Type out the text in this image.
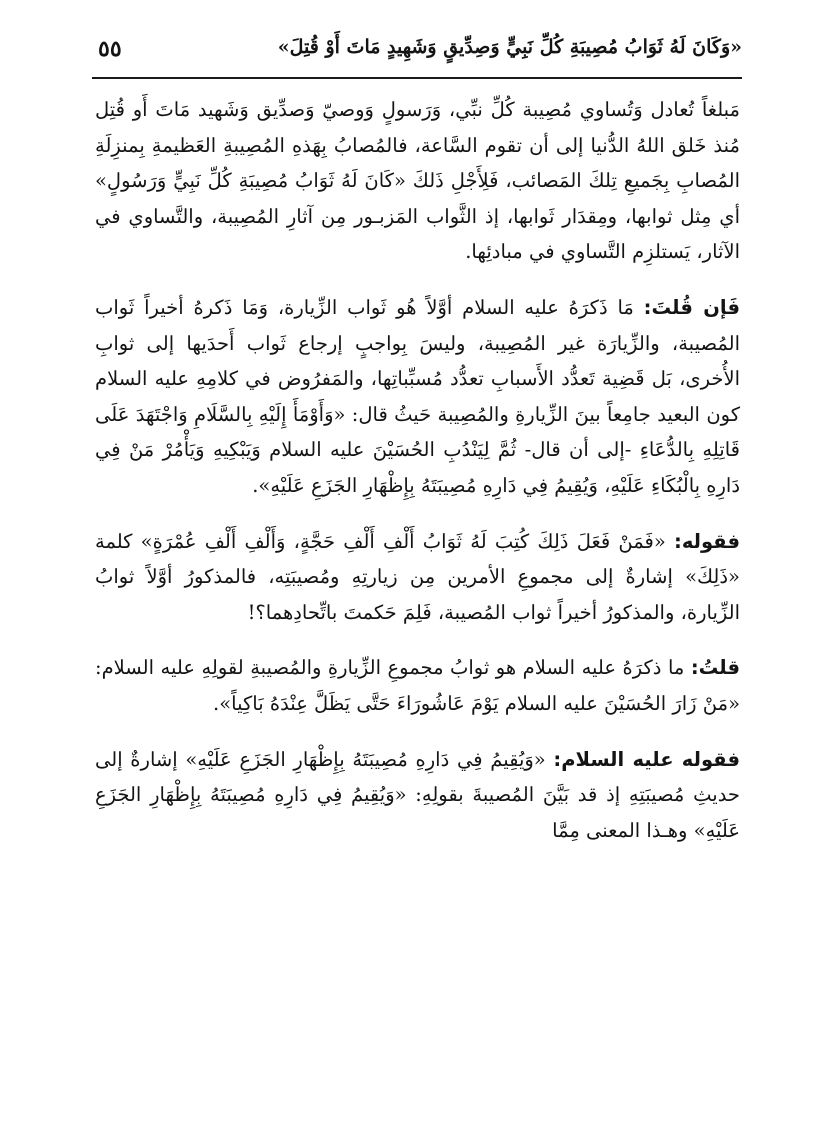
«وَكَانَ لَهُ ثَوَابُ مُصِيبَةِ كُلِّ نَبِيٍّ وَصِدِّيقٍ وَشَهِيدٍ مَاتَ أَوْ قُتِلَ»
٥٥

مَبلغاً تُعادل وَتُساوي مُصِيبة كُلِّ نبِّي، وَرَسولٍ وَوصيّ وَصدِّيق وَشَهيد مَاتَ أَو قُتِل مُنذ خَلق اللهُ الدُّنيا إلى أن تقوم السَّاعة، فالمُصابُ بِهَذهِ المُصِيبةِ العَظيمةِ بِمنزِلَةِ المُصابِ بِجَميعِ تِلكَ المَصائب، فَلِأَجْلِ ذَلكَ «كَانَ لَهُ ثَوَابُ مُصِيبَةِ كُلِّ نَبِيٍّ وَرَسُولٍ» أي مِثل ثوابها، ومِقدَار ثَوابها، إذ الثَّواب المَزبـور مِن آثارِ المُصِيبة، والتَّساوي في الآثار، يَستلزِم التَّساوي في مبادئِها.

فَإن قُلتَ: مَا ذَكرَهُ عليه السلام أوَّلاً هُو ثَواب الزِّيارة، وَمَا ذَكرهُ أخيراً ثَواب المُصيبة، والزِّيارَة غير المُصِيبة، وليسَ بِواجبٍ إرجاع ثَواب أَحدَيها إلى ثوابِ الأُخرى، بَل قَضِية تَعدُّد الأَسبابِ تعدُّد مُسبِّباتِها، والمَفرُوض في كلامِهِ عليه السلام كون البعيد جامِعاً بينَ الزِّيارةِ والمُصِيبة حَيثُ قال: «وَأَوْمَأَ إِلَيْهِ بِالسَّلَامِ وَاجْتَهَدَ عَلَى قَاتِلِهِ بِالدُّعَاءِ -إلى أن قال- ثُمَّ لِيَنْدُبِ الحُسَيْنَ عليه السلام وَيَبْكِيهِ وَيَأْمُرْ مَنْ فِي دَارِهِ بِالْبُكَاءِ عَلَيْهِ، وَيُقِيمُ فِي دَارِهِ مُصِيبَتَهُ بِإِظْهَارِ الجَزَعِ عَلَيْهِ».

فقوله: «فَمَنْ فَعَلَ ذَلِكَ كُتِبَ لَهُ ثَوَابُ أَلْفِ أَلْفِ حَجَّةٍ، وَأَلْفِ أَلْفِ عُمْرَةٍ» كلمة «ذَلِكَ» إشارةٌ إلى مجموعِ الأمرين مِن زيارتِهِ ومُصيبَتِه، فالمذكورُ أوَّلاً ثوابُ الزِّيارة، والمذكورُ أخيراً ثواب المُصيبة، فَلِمَ حَكمتَ باتِّحادِهما؟!

قلتُ: ما ذكرَهُ عليه السلام هو ثوابُ مجموعِ الزِّيارةِ والمُصيبةِ لقولِهِ عليه السلام: «مَنْ زَارَ الحُسَيْنَ عليه السلام يَوْمَ عَاشُورَاءَ حَتَّى يَظَلَّ عِنْدَهُ بَاكِياً».

فقوله عليه السلام: «وَيُقِيمُ فِي دَارِهِ مُصِيبَتَهُ بِإِظْهَارِ الجَزَعِ عَلَيْهِ» إشارةٌ إلى حديثِ مُصيبَتِهِ إذ قد بَيَّنَ المُصيبةَ بقولِهِ: «وَيُقِيمُ فِي دَارِهِ مُصِيبَتَهُ بِإِظْهَارِ الجَزَعِ عَلَيْهِ» وهـذا المعنى مِمَّا
